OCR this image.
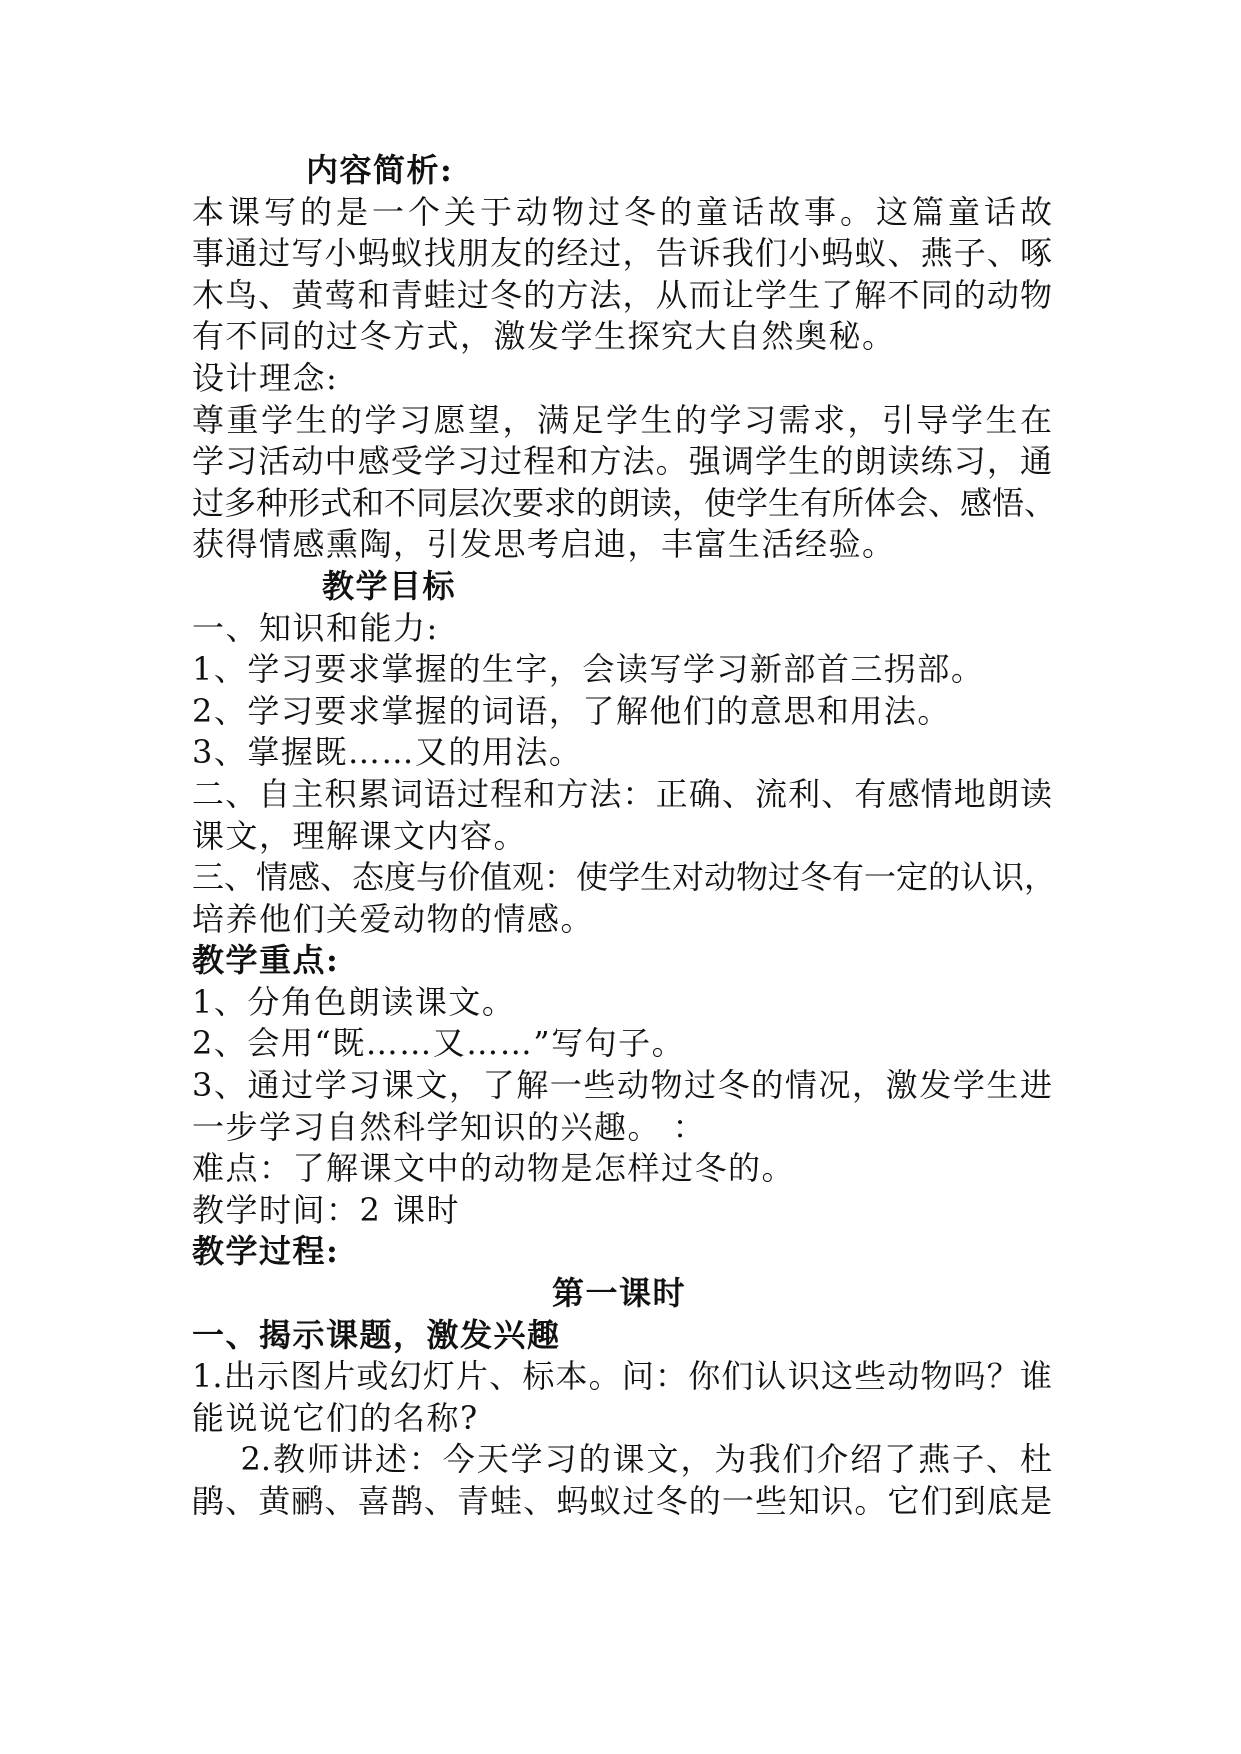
内容简析:
本课写的是一个关于动物过冬的童话故事。这篇童话故
事通过写小蚂蚁找朋友的经过，告诉我们小蚂蚁、燕子、啄
木鸟、黄莺和青蛙过冬的方法，从而让学生了解不同的动物
有不同的过冬方式，激发学生探究大自然奥秘。
设计理念:
尊重学生的学习愿望，满足学生的学习需求，引导学生在
学习活动中感受学习过程和方法。强调学生的朗读练习，通
过多种形式和不同层次要求的朗读，使学生有所体会、感悟、
获得情感熏陶，引发思考启迪，丰富生活经验。
教学目标
一、知识和能力:
1、学习要求掌握的生字，会读写学习新部首三拐部。
2、学习要求掌握的词语，了解他们的意思和用法。
3、掌握既……又的用法。
二、自主积累词语过程和方法：正确、流利、有感情地朗读
课文，理解课文内容。
三、情感、态度与价值观：使学生对动物过冬有一定的认识，
培养他们关爱动物的情感。
教学重点:
1、分角色朗读课文。
2、会用“既……又……”写句子。
3、通过学习课文，了解一些动物过冬的情况，激发学生进
一步学习自然科学知识的兴趣。 ：
难点：了解课文中的动物是怎样过冬的。
教学时间：2 课时
教学过程:
第一课时
一、揭示课题，激发兴趣
1.出示图片或幻灯片、标本。问：你们认识这些动物吗？谁
能说说它们的名称?
2.教师讲述：今天学习的课文，为我们介绍了燕子、杜
鹃、黄鹂、喜鹊、青蛙、蚂蚁过冬的一些知识。它们到底是
